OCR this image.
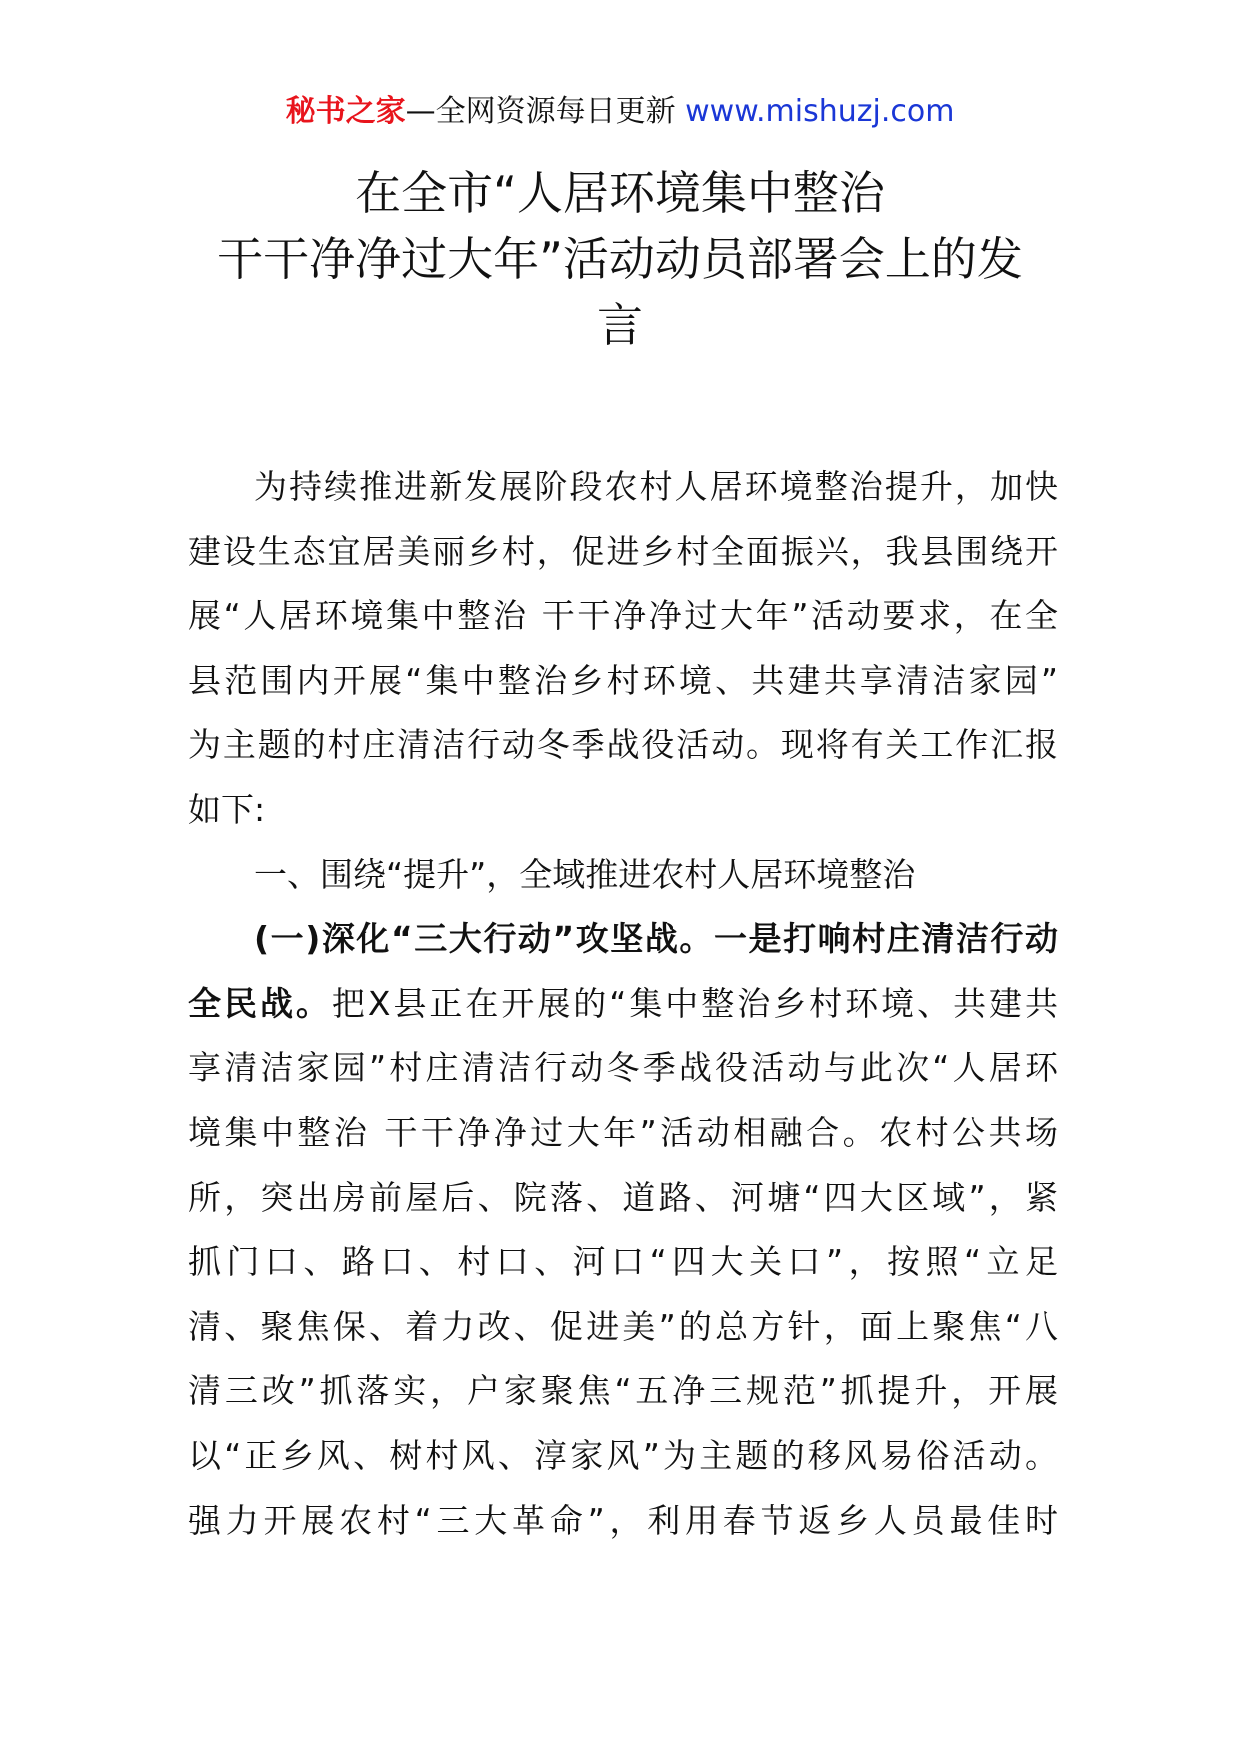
秘书之家—全网资源每日更新 www.mishuzj.com
在全市“人居环境集中整治
干干净净过大年”活动动员部署会上的发
言

为持续推进新发展阶段农村人居环境整治提升，加快
建设生态宜居美丽乡村，促进乡村全面振兴，我县围绕开
展“人居环境集中整治 干干净净过大年”活动要求，在全
县范围内开展“集中整治乡村环境、共建共享清洁家园”
为主题的村庄清洁行动冬季战役活动。现将有关工作汇报
如下:

一、围绕“提升”，全域推进农村人居环境整治

(一)深化“三大行动”攻坚战。一是打响村庄清洁行动
全民战。把Ⅹ县正在开展的“集中整治乡村环境、共建共
享清洁家园”村庄清洁行动冬季战役活动与此次“人居环
境集中整治 干干净净过大年”活动相融合。农村公共场
所，突出房前屋后、院落、道路、河塘“四大区域”，紧
抓门口、路口、村口、河口“四大关口”，按照“立足
清、聚焦保、着力改、促进美”的总方针，面上聚焦“八
清三改”抓落实，户家聚焦“五净三规范”抓提升，开展
以“正乡风、树村风、淳家风”为主题的移风易俗活动。
强力开展农村“三大革命”，利用春节返乡人员最佳时
